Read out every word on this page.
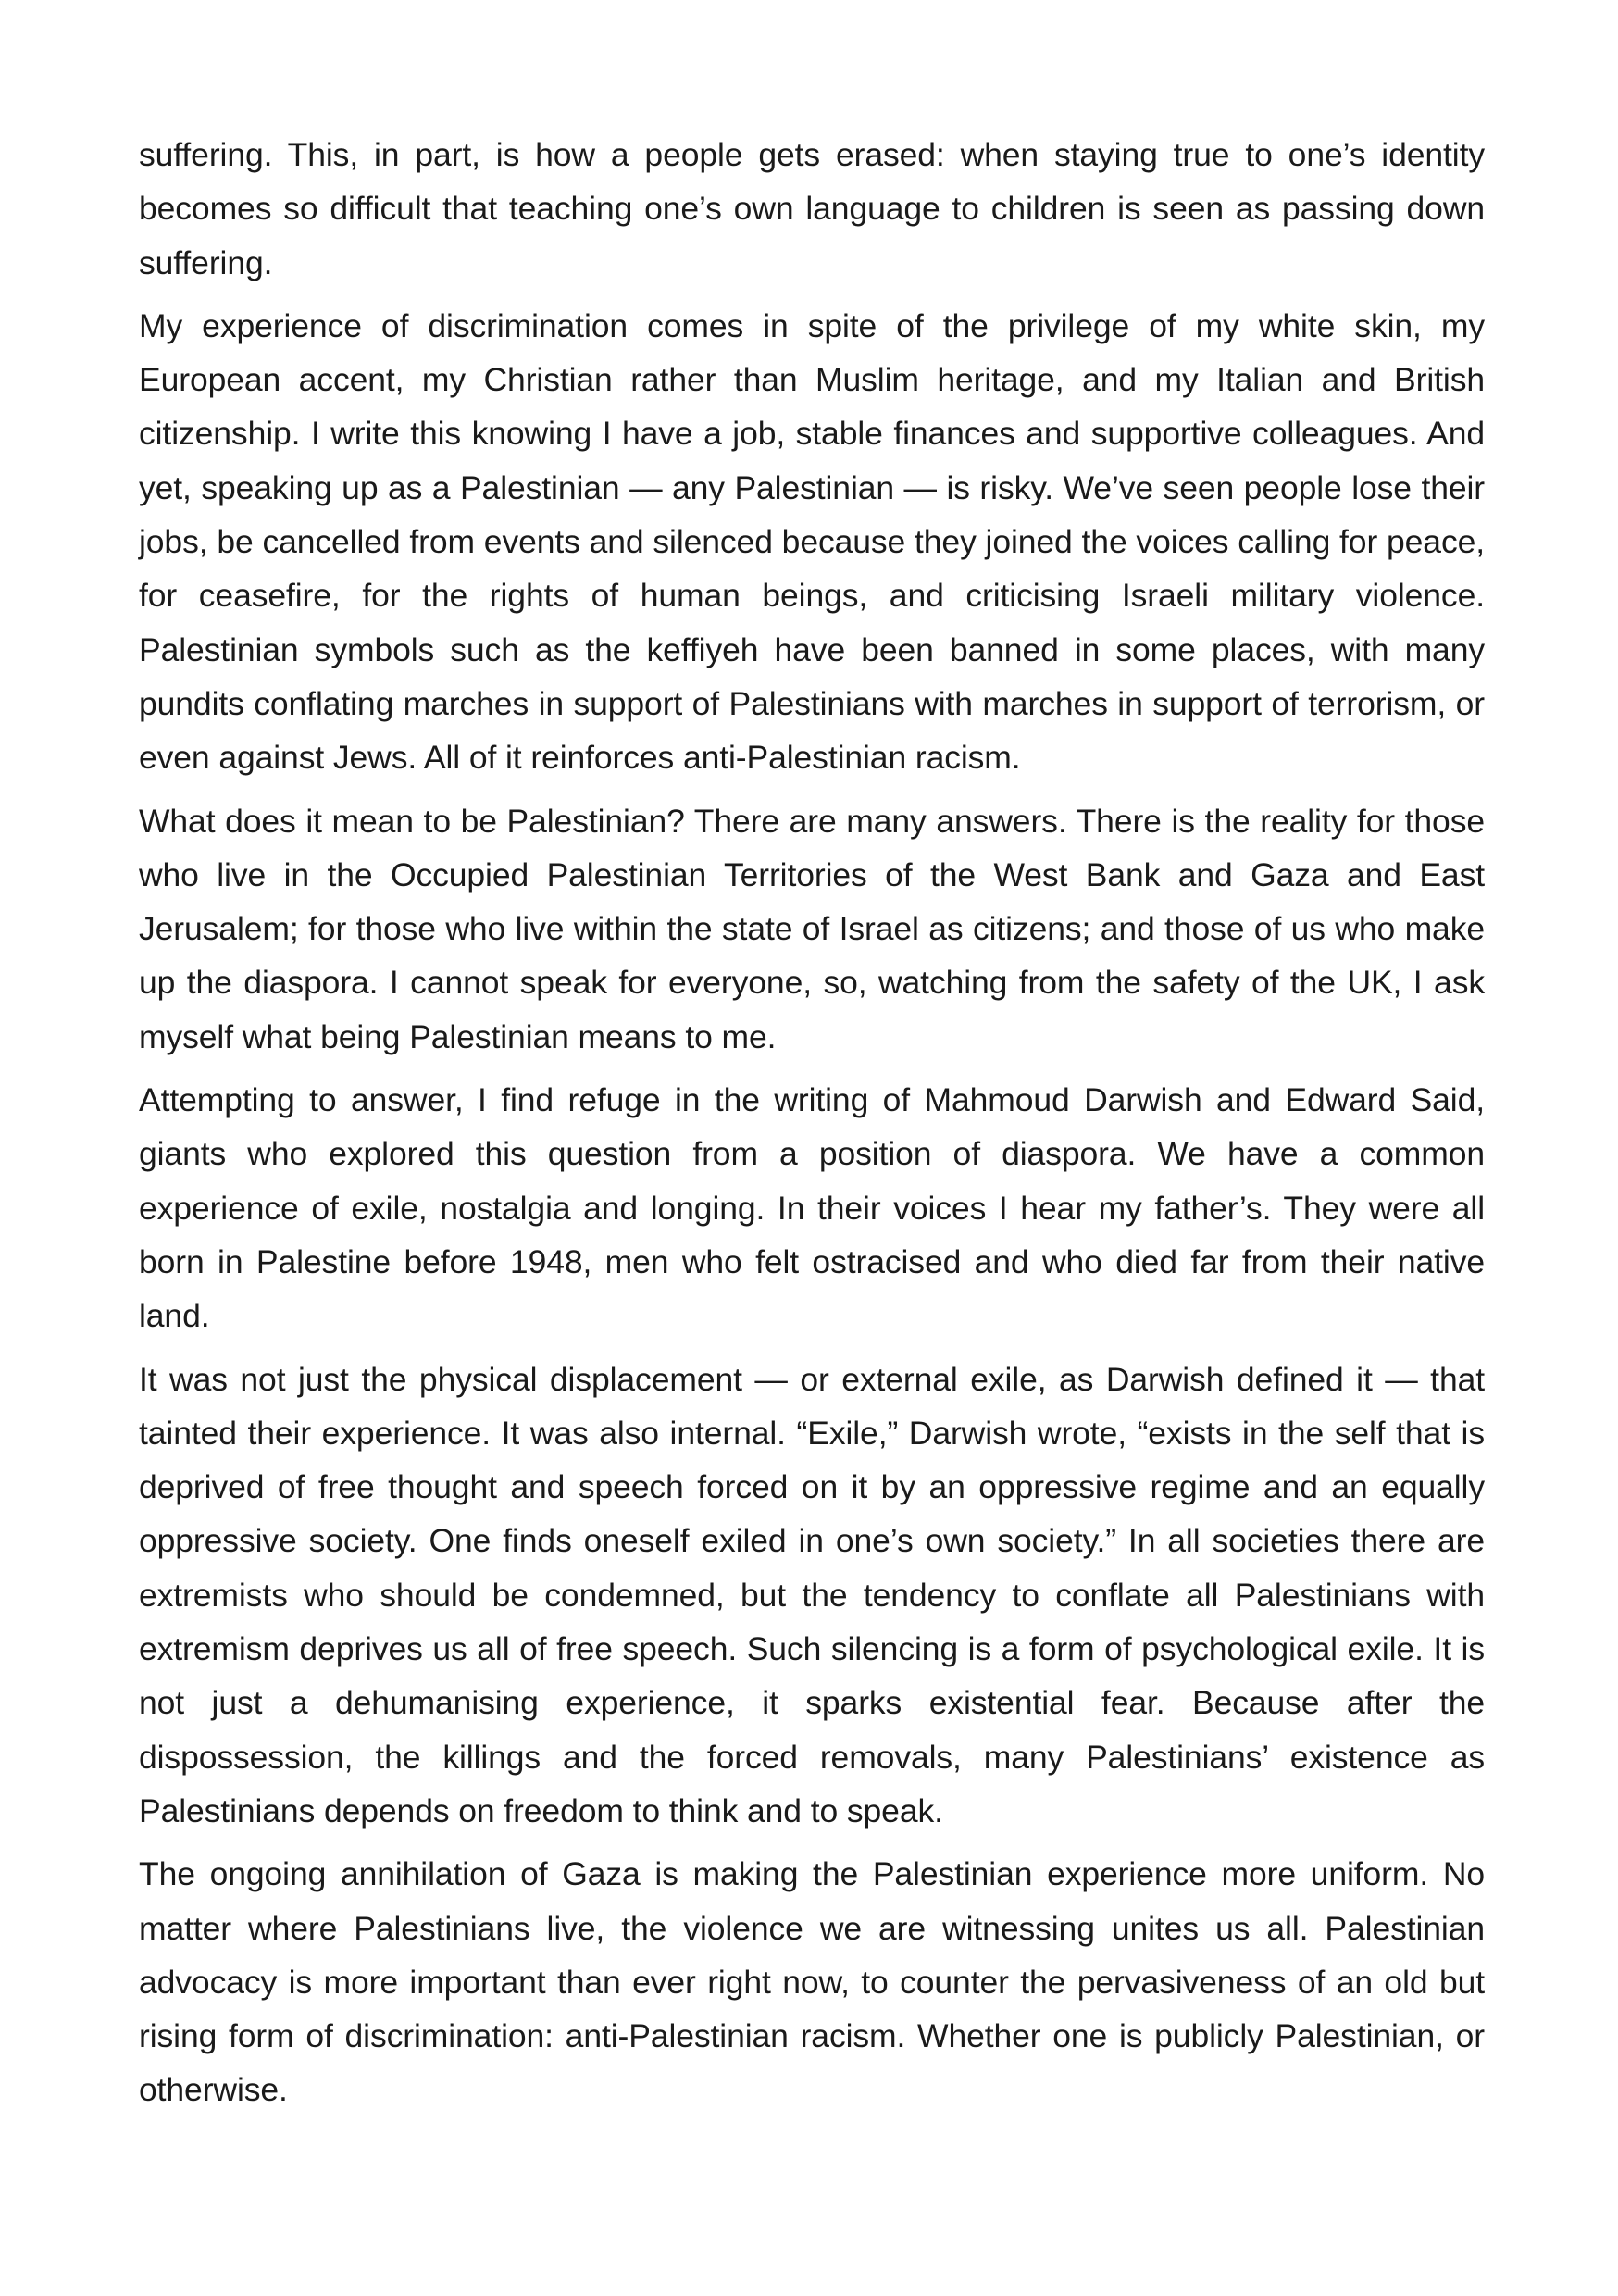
suffering. This, in part, is how a people gets erased: when staying true to one’s identity becomes so difficult that teaching one’s own language to children is seen as passing down suffering.

My experience of discrimination comes in spite of the privilege of my white skin, my European accent, my Christian rather than Muslim heritage, and my Italian and British citizenship. I write this knowing I have a job, stable finances and supportive colleagues. And yet, speaking up as a Palestinian — any Palestinian — is risky. We’ve seen people lose their jobs, be cancelled from events and silenced because they joined the voices calling for peace, for ceasefire, for the rights of human beings, and criticising Israeli military violence. Palestinian symbols such as the keffiyeh have been banned in some places, with many pundits conflating marches in support of Palestinians with marches in support of terrorism, or even against Jews. All of it reinforces anti-Palestinian racism.

What does it mean to be Palestinian? There are many answers. There is the reality for those who live in the Occupied Palestinian Territories of the West Bank and Gaza and East Jerusalem; for those who live within the state of Israel as citizens; and those of us who make up the diaspora. I cannot speak for everyone, so, watching from the safety of the UK, I ask myself what being Palestinian means to me.

Attempting to answer, I find refuge in the writing of Mahmoud Darwish and Edward Said, giants who explored this question from a position of diaspora. We have a common experience of exile, nostalgia and longing. In their voices I hear my father’s. They were all born in Palestine before 1948, men who felt ostracised and who died far from their native land.

It was not just the physical displacement — or external exile, as Darwish defined it — that tainted their experience. It was also internal. “Exile,” Darwish wrote, “exists in the self that is deprived of free thought and speech forced on it by an oppressive regime and an equally oppressive society. One finds oneself exiled in one’s own society.” In all societies there are extremists who should be condemned, but the tendency to conflate all Palestinians with extremism deprives us all of free speech. Such silencing is a form of psychological exile. It is not just a dehumanising experience, it sparks existential fear. Because after the dispossession, the killings and the forced removals, many Palestinians’ existence as Palestinians depends on freedom to think and to speak.

The ongoing annihilation of Gaza is making the Palestinian experience more uniform. No matter where Palestinians live, the violence we are witnessing unites us all. Palestinian advocacy is more important than ever right now, to counter the pervasiveness of an old but rising form of discrimination: anti-Palestinian racism. Whether one is publicly Palestinian, or otherwise.
